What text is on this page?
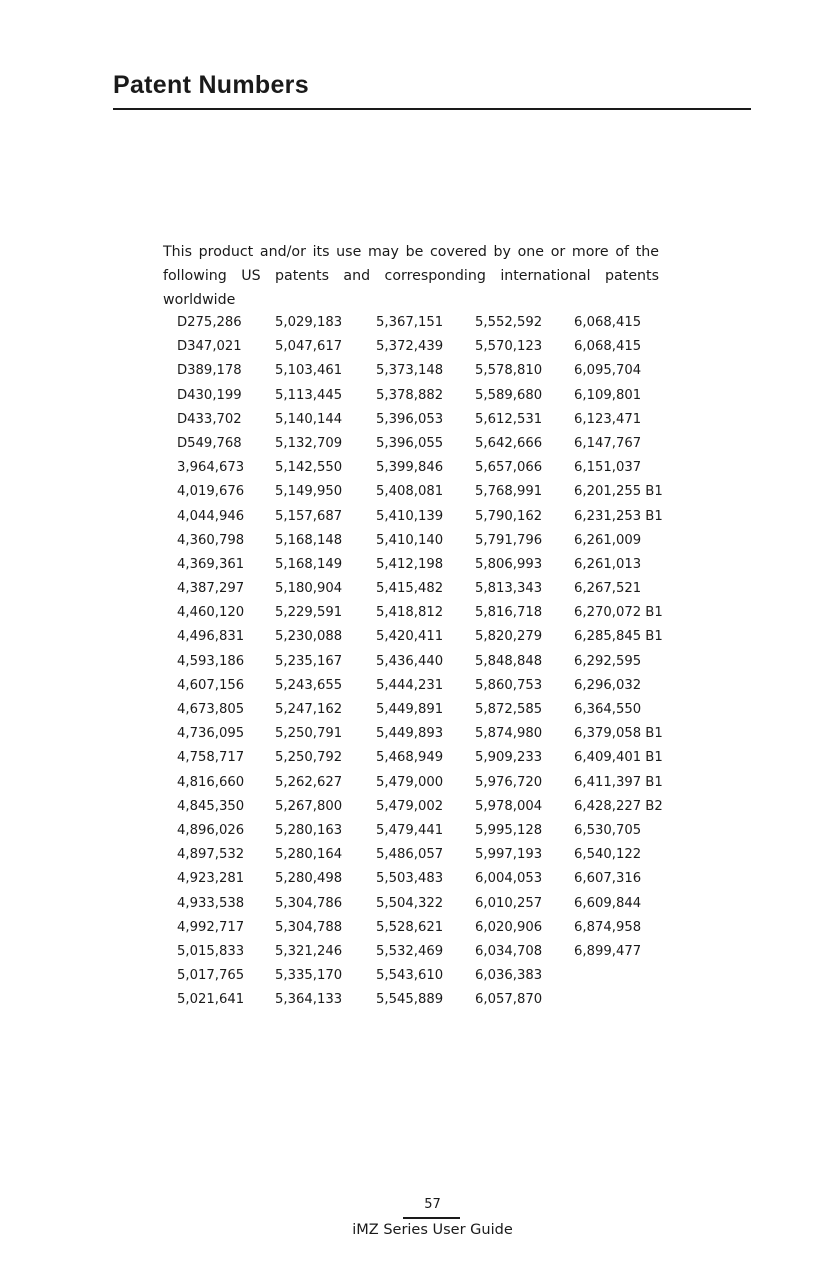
Patent Numbers

This product and/or its use may be covered by one or more of the following US patents and corresponding international patents worldwide

D275,286
D347,021
D389,178
D430,199
D433,702
D549,768
3,964,673
4,019,676
4,044,946
4,360,798
4,369,361
4,387,297
4,460,120
4,496,831
4,593,186
4,607,156
4,673,805
4,736,095
4,758,717
4,816,660
4,845,350
4,896,026
4,897,532
4,923,281
4,933,538
4,992,717
5,015,833
5,017,765
5,021,641
5,029,183
5,047,617
5,103,461
5,113,445
5,140,144
5,132,709
5,142,550
5,149,950
5,157,687
5,168,148
5,168,149
5,180,904
5,229,591
5,230,088
5,235,167
5,243,655
5,247,162
5,250,791
5,250,792
5,262,627
5,267,800
5,280,163
5,280,164
5,280,498
5,304,786
5,304,788
5,321,246
5,335,170
5,364,133
5,367,151
5,372,439
5,373,148
5,378,882
5,396,053
5,396,055
5,399,846
5,408,081
5,410,139
5,410,140
5,412,198
5,415,482
5,418,812
5,420,411
5,436,440
5,444,231
5,449,891
5,449,893
5,468,949
5,479,000
5,479,002
5,479,441
5,486,057
5,503,483
5,504,322
5,528,621
5,532,469
5,543,610
5,545,889
5,552,592
5,570,123
5,578,810
5,589,680
5,612,531
5,642,666
5,657,066
5,768,991
5,790,162
5,791,796
5,806,993
5,813,343
5,816,718
5,820,279
5,848,848
5,860,753
5,872,585
5,874,980
5,909,233
5,976,720
5,978,004
5,995,128
5,997,193
6,004,053
6,010,257
6,020,906
6,034,708
6,036,383
6,057,870
6,068,415
6,068,415
6,095,704
6,109,801
6,123,471
6,147,767
6,151,037
6,201,255 B1
6,231,253 B1
6,261,009
6,261,013
6,267,521
6,270,072 B1
6,285,845 B1
6,292,595
6,296,032
6,364,550
6,379,058 B1
6,409,401 B1
6,411,397 B1
6,428,227 B2
6,530,705
6,540,122
6,607,316
6,609,844
6,874,958
6,899,477

57

iMZ Series User Guide
